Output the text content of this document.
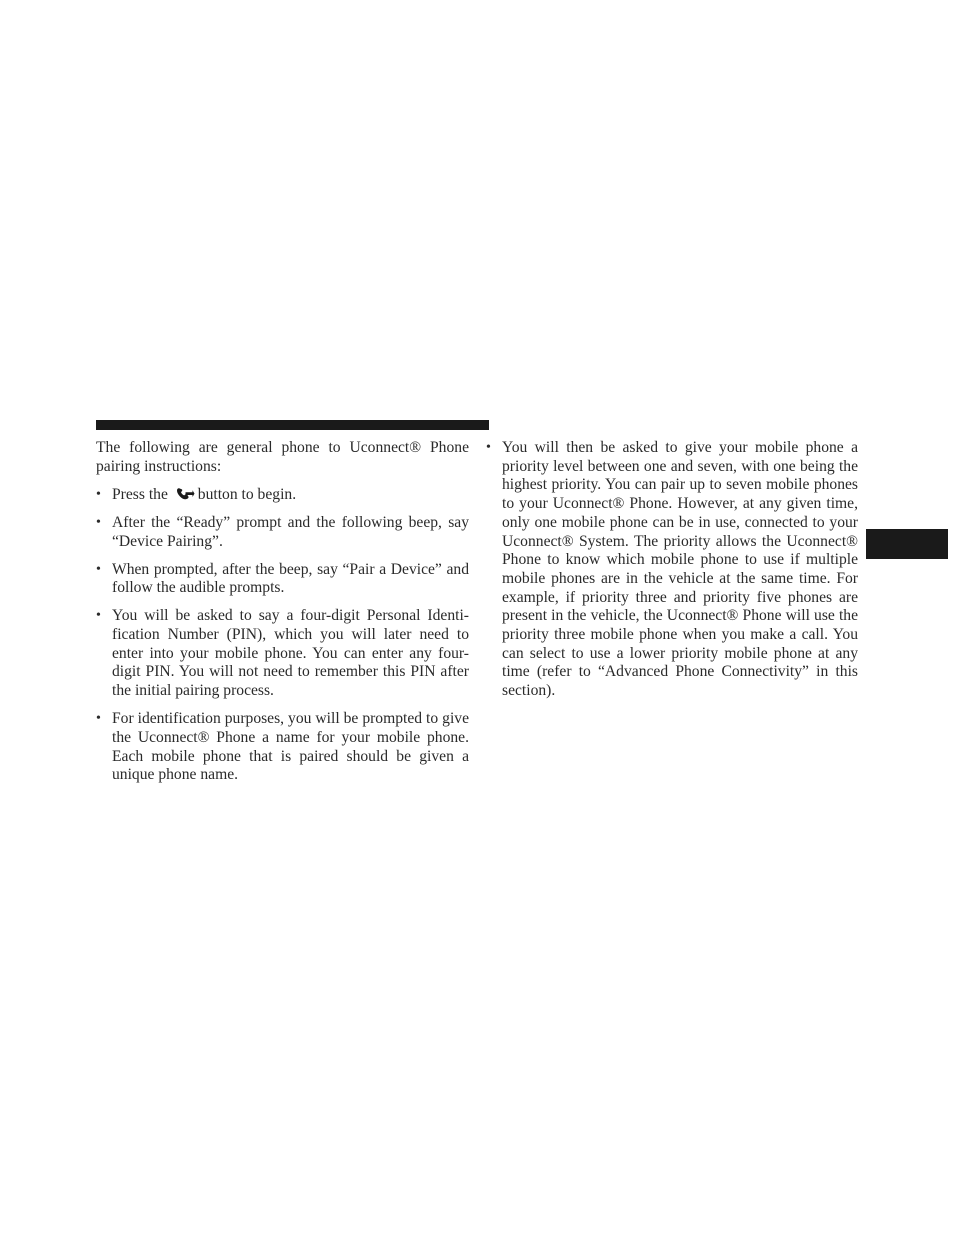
The following are general phone to Uconnect® Phone pairing instructions:

• Press the
button to begin.
• After the “Ready” prompt and the following beep, say “Device Pairing”.
• When prompted, after the beep, say “Pair a Device” and follow the audible prompts.
• You will be asked to say a four-digit Personal Identification Number (PIN), which you will later need to enter into your mobile phone. You can enter any four-digit PIN. You will not need to remember this PIN after the initial pairing process.
• For identification purposes, you will be prompted to give the Uconnect® Phone a name for your mobile phone. Each mobile phone that is paired should be given a unique phone name.
• You will then be asked to give your mobile phone a priority level between one and seven, with one being the highest priority. You can pair up to seven mobile phones to your Uconnect® Phone. However, at any given time, only one mobile phone can be in use, connected to your Uconnect® System. The priority allows the Uconnect® Phone to know which mobile phone to use if multiple mobile phones are in the vehicle at the same time. For example, if priority three and priority five phones are present in the vehicle, the Uconnect® Phone will use the priority three mobile phone when you make a call. You can select to use a lower priority mobile phone at any time (refer to “Advanced Phone Connectivity” in this section).
